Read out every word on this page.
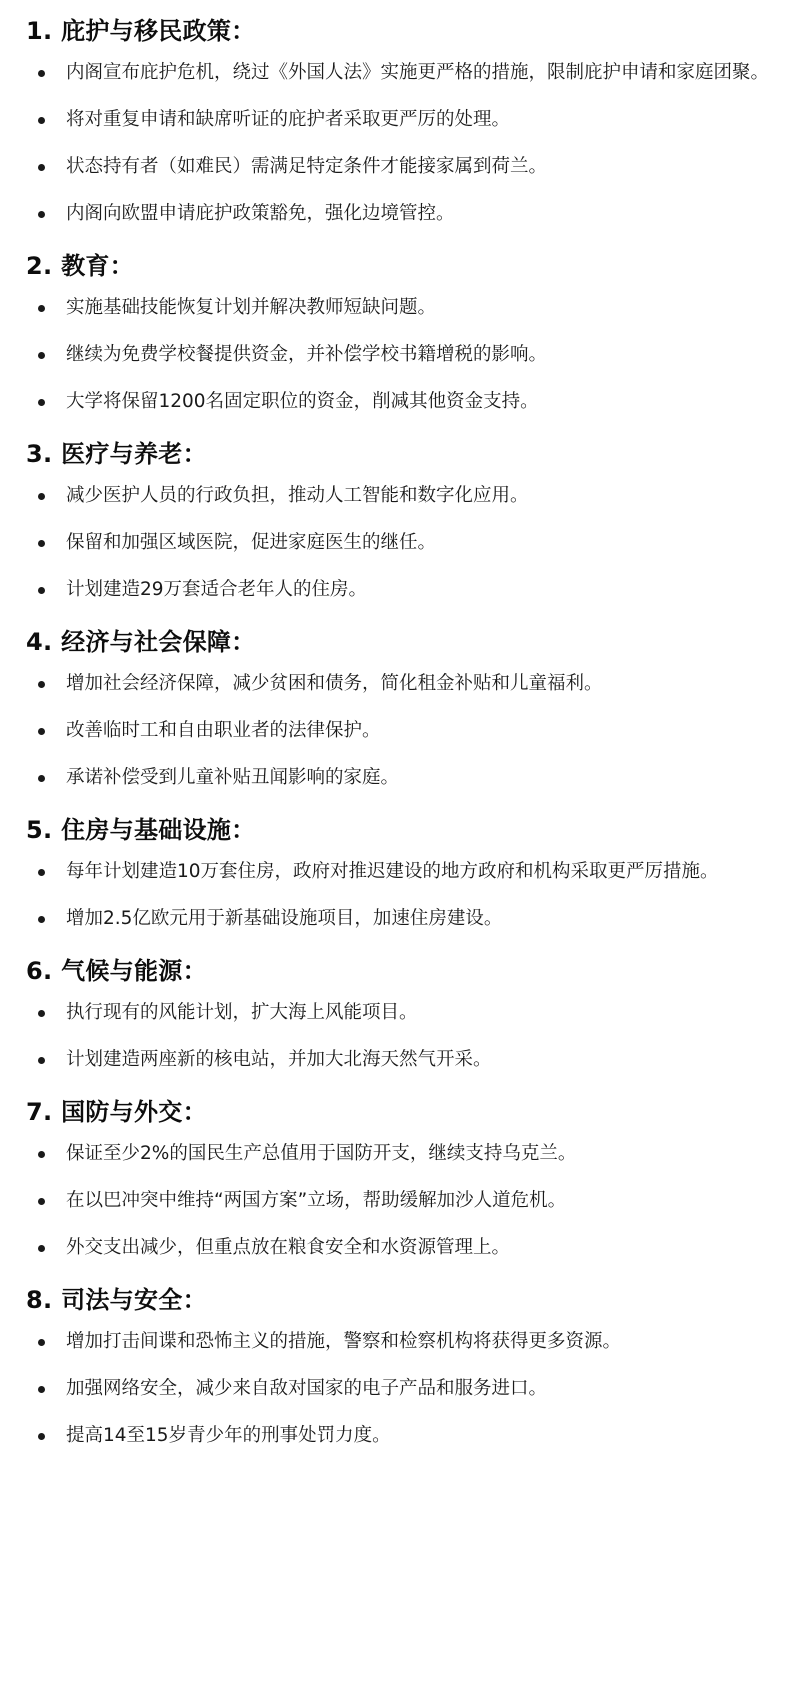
1. 庇护与移民政策：
内阁宣布庇护危机，绕过《外国人法》实施更严格的措施，限制庇护申请和家庭团聚。
将对重复申请和缺席听证的庇护者采取更严厉的处理。
状态持有者（如难民）需满足特定条件才能接家属到荷兰。
内阁向欧盟申请庇护政策豁免，强化边境管控。
2. 教育：
实施基础技能恢复计划并解决教师短缺问题。
继续为免费学校餐提供资金，并补偿学校书籍增税的影响。
大学将保留1200名固定职位的资金，削减其他资金支持。
3. 医疗与养老：
减少医护人员的行政负担，推动人工智能和数字化应用。
保留和加强区域医院，促进家庭医生的继任。
计划建造29万套适合老年人的住房。
4. 经济与社会保障：
增加社会经济保障，减少贫困和债务，简化租金补贴和儿童福利。
改善临时工和自由职业者的法律保护。
承诺补偿受到儿童补贴丑闻影响的家庭。
5. 住房与基础设施：
每年计划建造10万套住房，政府对推迟建设的地方政府和机构采取更严厉措施。
增加2.5亿欧元用于新基础设施项目，加速住房建设。
6. 气候与能源：
执行现有的风能计划，扩大海上风能项目。
计划建造两座新的核电站，并加大北海天然气开采。
7. 国防与外交：
保证至少2%的国民生产总值用于国防开支，继续支持乌克兰。
在以巴冲突中维持“两国方案”立场，帮助缓解加沙人道危机。
外交支出减少，但重点放在粮食安全和水资源管理上。
8. 司法与安全：
增加打击间谍和恐怖主义的措施，警察和检察机构将获得更多资源。
加强网络安全，减少来自敌对国家的电子产品和服务进口。
提高14至15岁青少年的刑事处罚力度。
